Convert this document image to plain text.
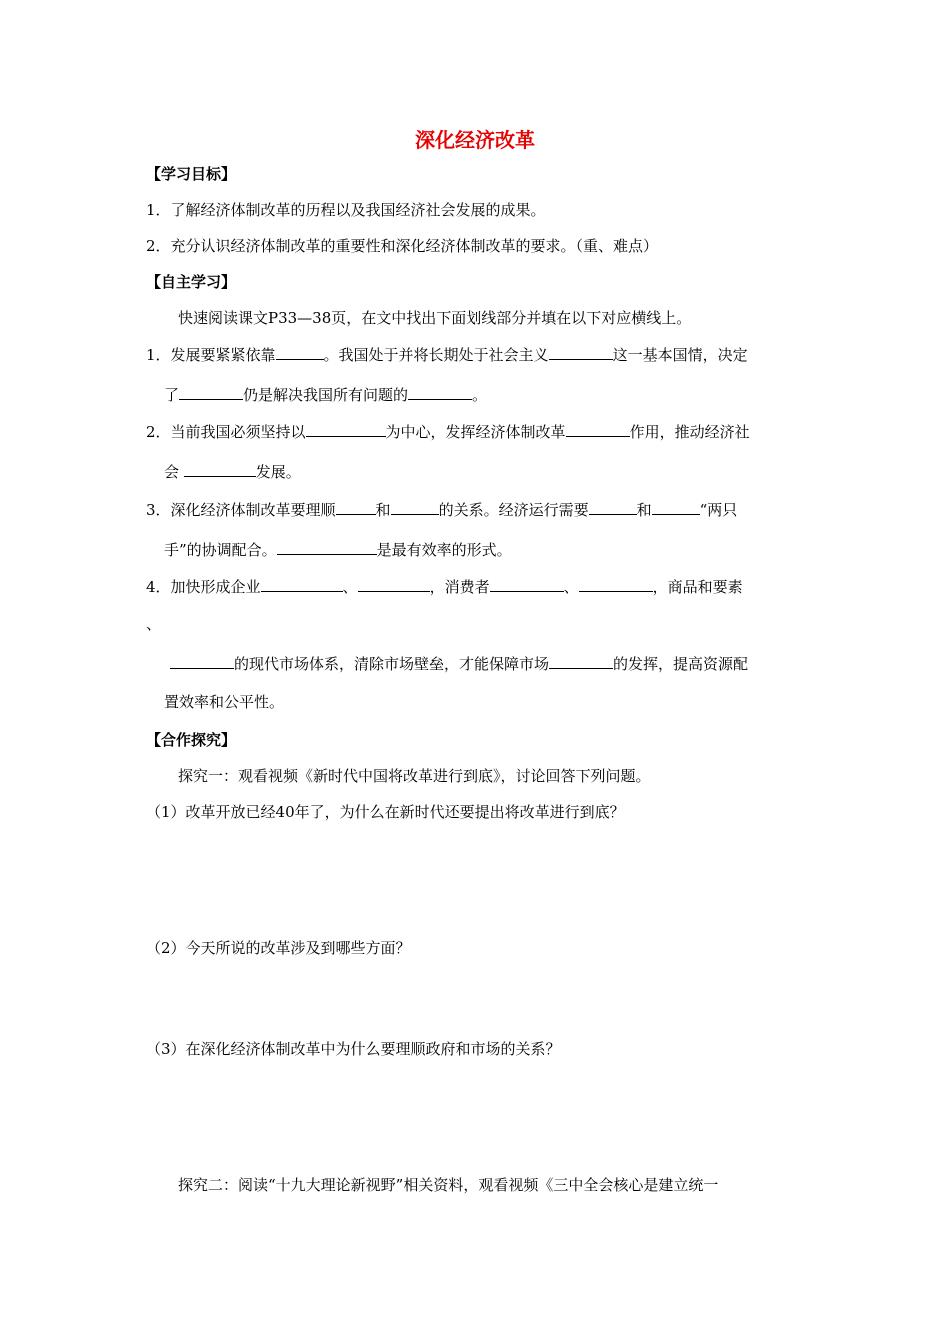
深化经济改革
【学习目标】
1．了解经济体制改革的历程以及我国经济社会发展的成果。
2．充分认识经济体制改革的重要性和深化经济体制改革的要求。（重、难点）
【自主学习】
快速阅读课文P33—38页，在文中找出下面划线部分并填在以下对应横线上。
1．发展要紧紧依靠	。我国处于并将长期处于社会主义	这一基本国情，决定
了	仍是解决我国所有问题的	。
2．当前我国必须坚持以	为中心，发挥经济体制改革	作用，推动经济社
会	发展。
3．深化经济体制改革要理顺	和	的关系。经济运行需要	和	“两只
手”的协调配合。	是最有效率的形式。
4．加快形成企业	、	，消费者	、	，商品和要素
、
的现代市场体系，清除市场壁垒，才能保障市场	的发挥，提高资源配
置效率和公平性。
【合作探究】
探究一：观看视频《新时代中国将改革进行到底》，讨论回答下列问题。
（1）改革开放已经40年了，为什么在新时代还要提出将改革进行到底？
（2）今天所说的改革涉及到哪些方面？
（3）在深化经济体制改革中为什么要理顺政府和市场的关系？
探究二：阅读“十九大理论新视野”相关资料，观看视频《三中全会核心是建立统一
